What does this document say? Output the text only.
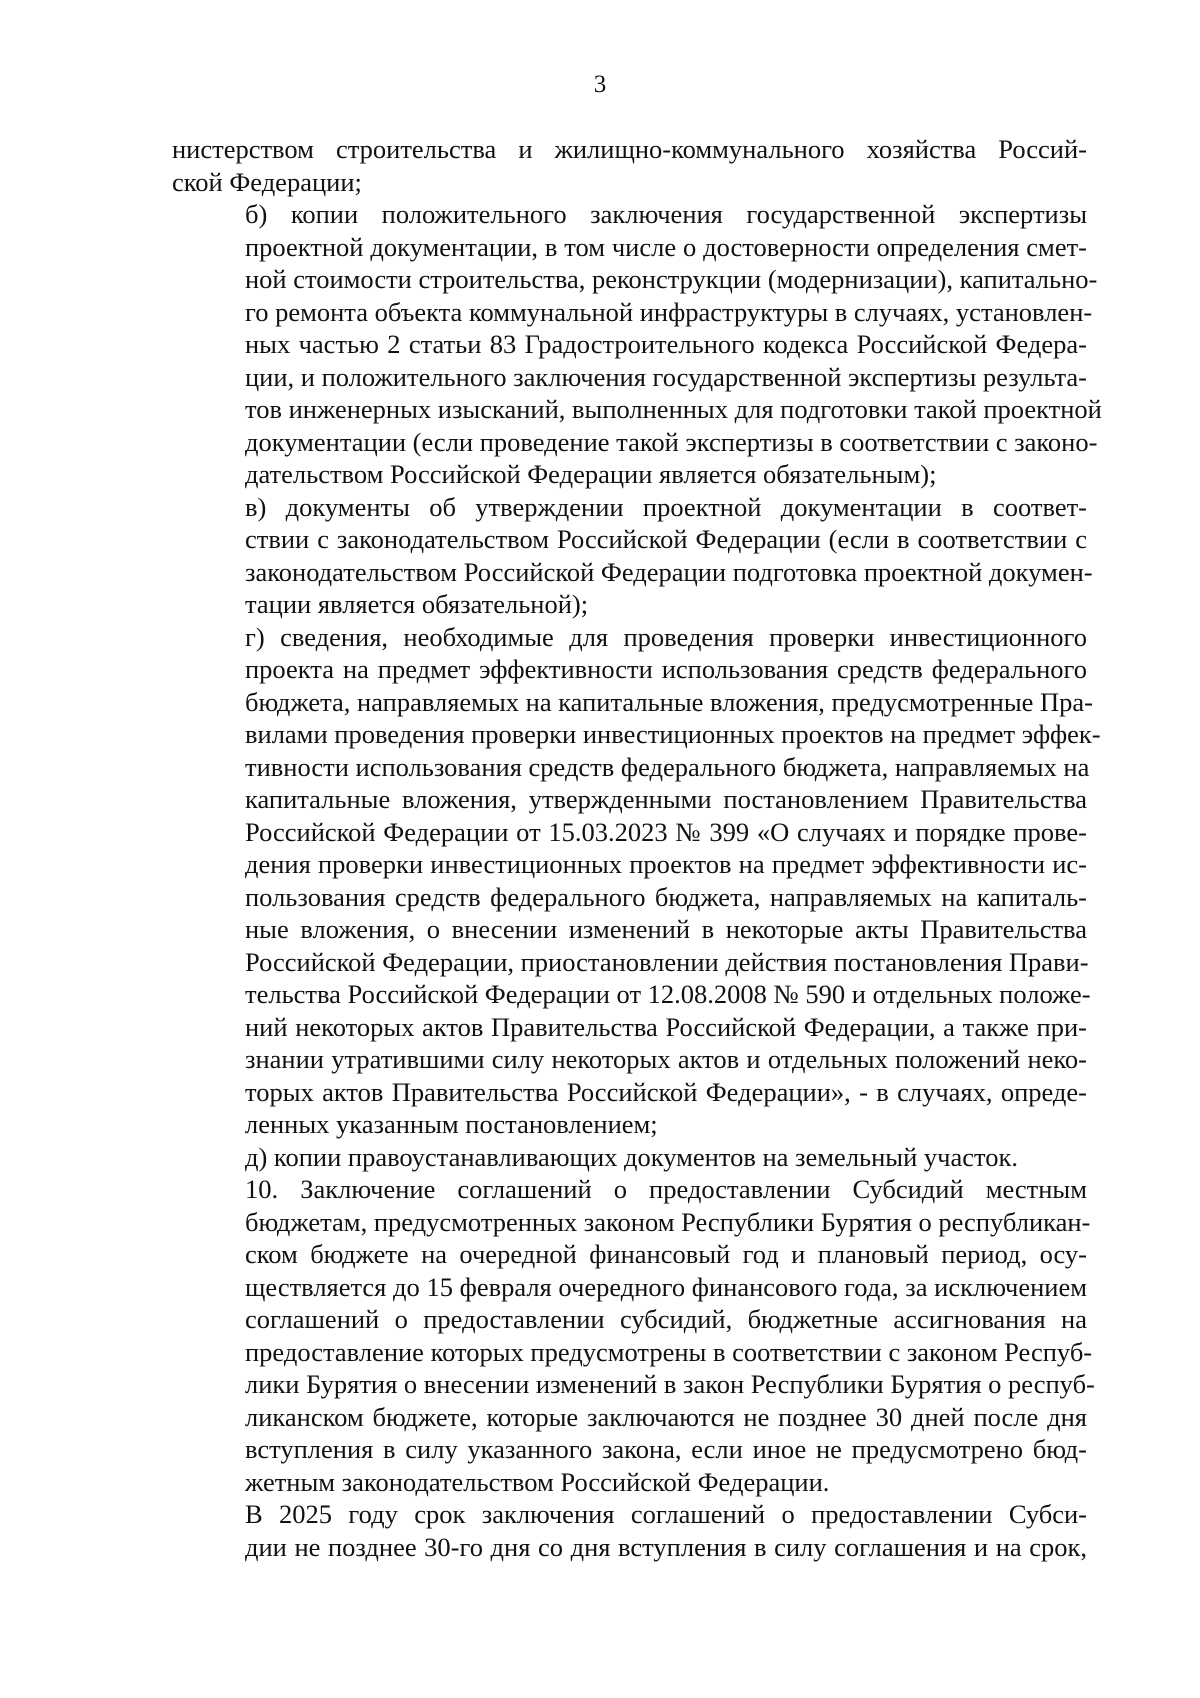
3

нистерством строительства и жилищно-коммунального хозяйства Россий-
ской Федерации;

б) копии положительного заключения государственной экспертизы
проектной документации, в том числе о достоверности определения смет-
ной стоимости строительства, реконструкции (модернизации), капитально-
го ремонта объекта коммунальной инфраструктуры в случаях, установлен-
ных частью 2 статьи 83 Градостроительного кодекса Российской Федера-
ции, и положительного заключения государственной экспертизы результа-
тов инженерных изысканий, выполненных для подготовки такой проектной
документации (если проведение такой экспертизы в соответствии с законо-
дательством Российской Федерации является обязательным);

в) документы об утверждении проектной документации в соответ-
ствии с законодательством Российской Федерации (если в соответствии с
законодательством Российской Федерации подготовка проектной докумен-
тации является обязательной);

г) сведения, необходимые для проведения проверки инвестиционного
проекта на предмет эффективности использования средств федерального
бюджета, направляемых на капитальные вложения, предусмотренные Пра-
вилами проведения проверки инвестиционных проектов на предмет эффек-
тивности использования средств федерального бюджета, направляемых на
капитальные вложения, утвержденными постановлением Правительства
Российской Федерации от 15.03.2023 № 399 «О случаях и порядке прове-
дения проверки инвестиционных проектов на предмет эффективности ис-
пользования средств федерального бюджета, направляемых на капиталь-
ные вложения, о внесении изменений в некоторые акты Правительства
Российской Федерации, приостановлении действия постановления Прави-
тельства Российской Федерации от 12.08.2008 № 590 и отдельных положе-
ний некоторых актов Правительства Российской Федерации, а также при-
знании утратившими силу некоторых актов и отдельных положений неко-
торых актов Правительства Российской Федерации», - в случаях, опреде-
ленных указанным постановлением;

д) копии правоустанавливающих документов на земельный участок.

10. Заключение соглашений о предоставлении Субсидий местным
бюджетам, предусмотренных законом Республики Бурятия о республикан-
ском бюджете на очередной финансовый год и плановый период, осу-
ществляется до 15 февраля очередного финансового года, за исключением
соглашений о предоставлении субсидий, бюджетные ассигнования на
предоставление которых предусмотрены в соответствии с законом Респуб-
лики Бурятия о внесении изменений в закон Республики Бурятия о респуб-
ликанском бюджете, которые заключаются не позднее 30 дней после дня
вступления в силу указанного закона, если иное не предусмотрено бюд-
жетным законодательством Российской Федерации.

В 2025 году срок заключения соглашений о предоставлении Субси-
дии не позднее 30-го дня со дня вступления в силу соглашения и на срок,
